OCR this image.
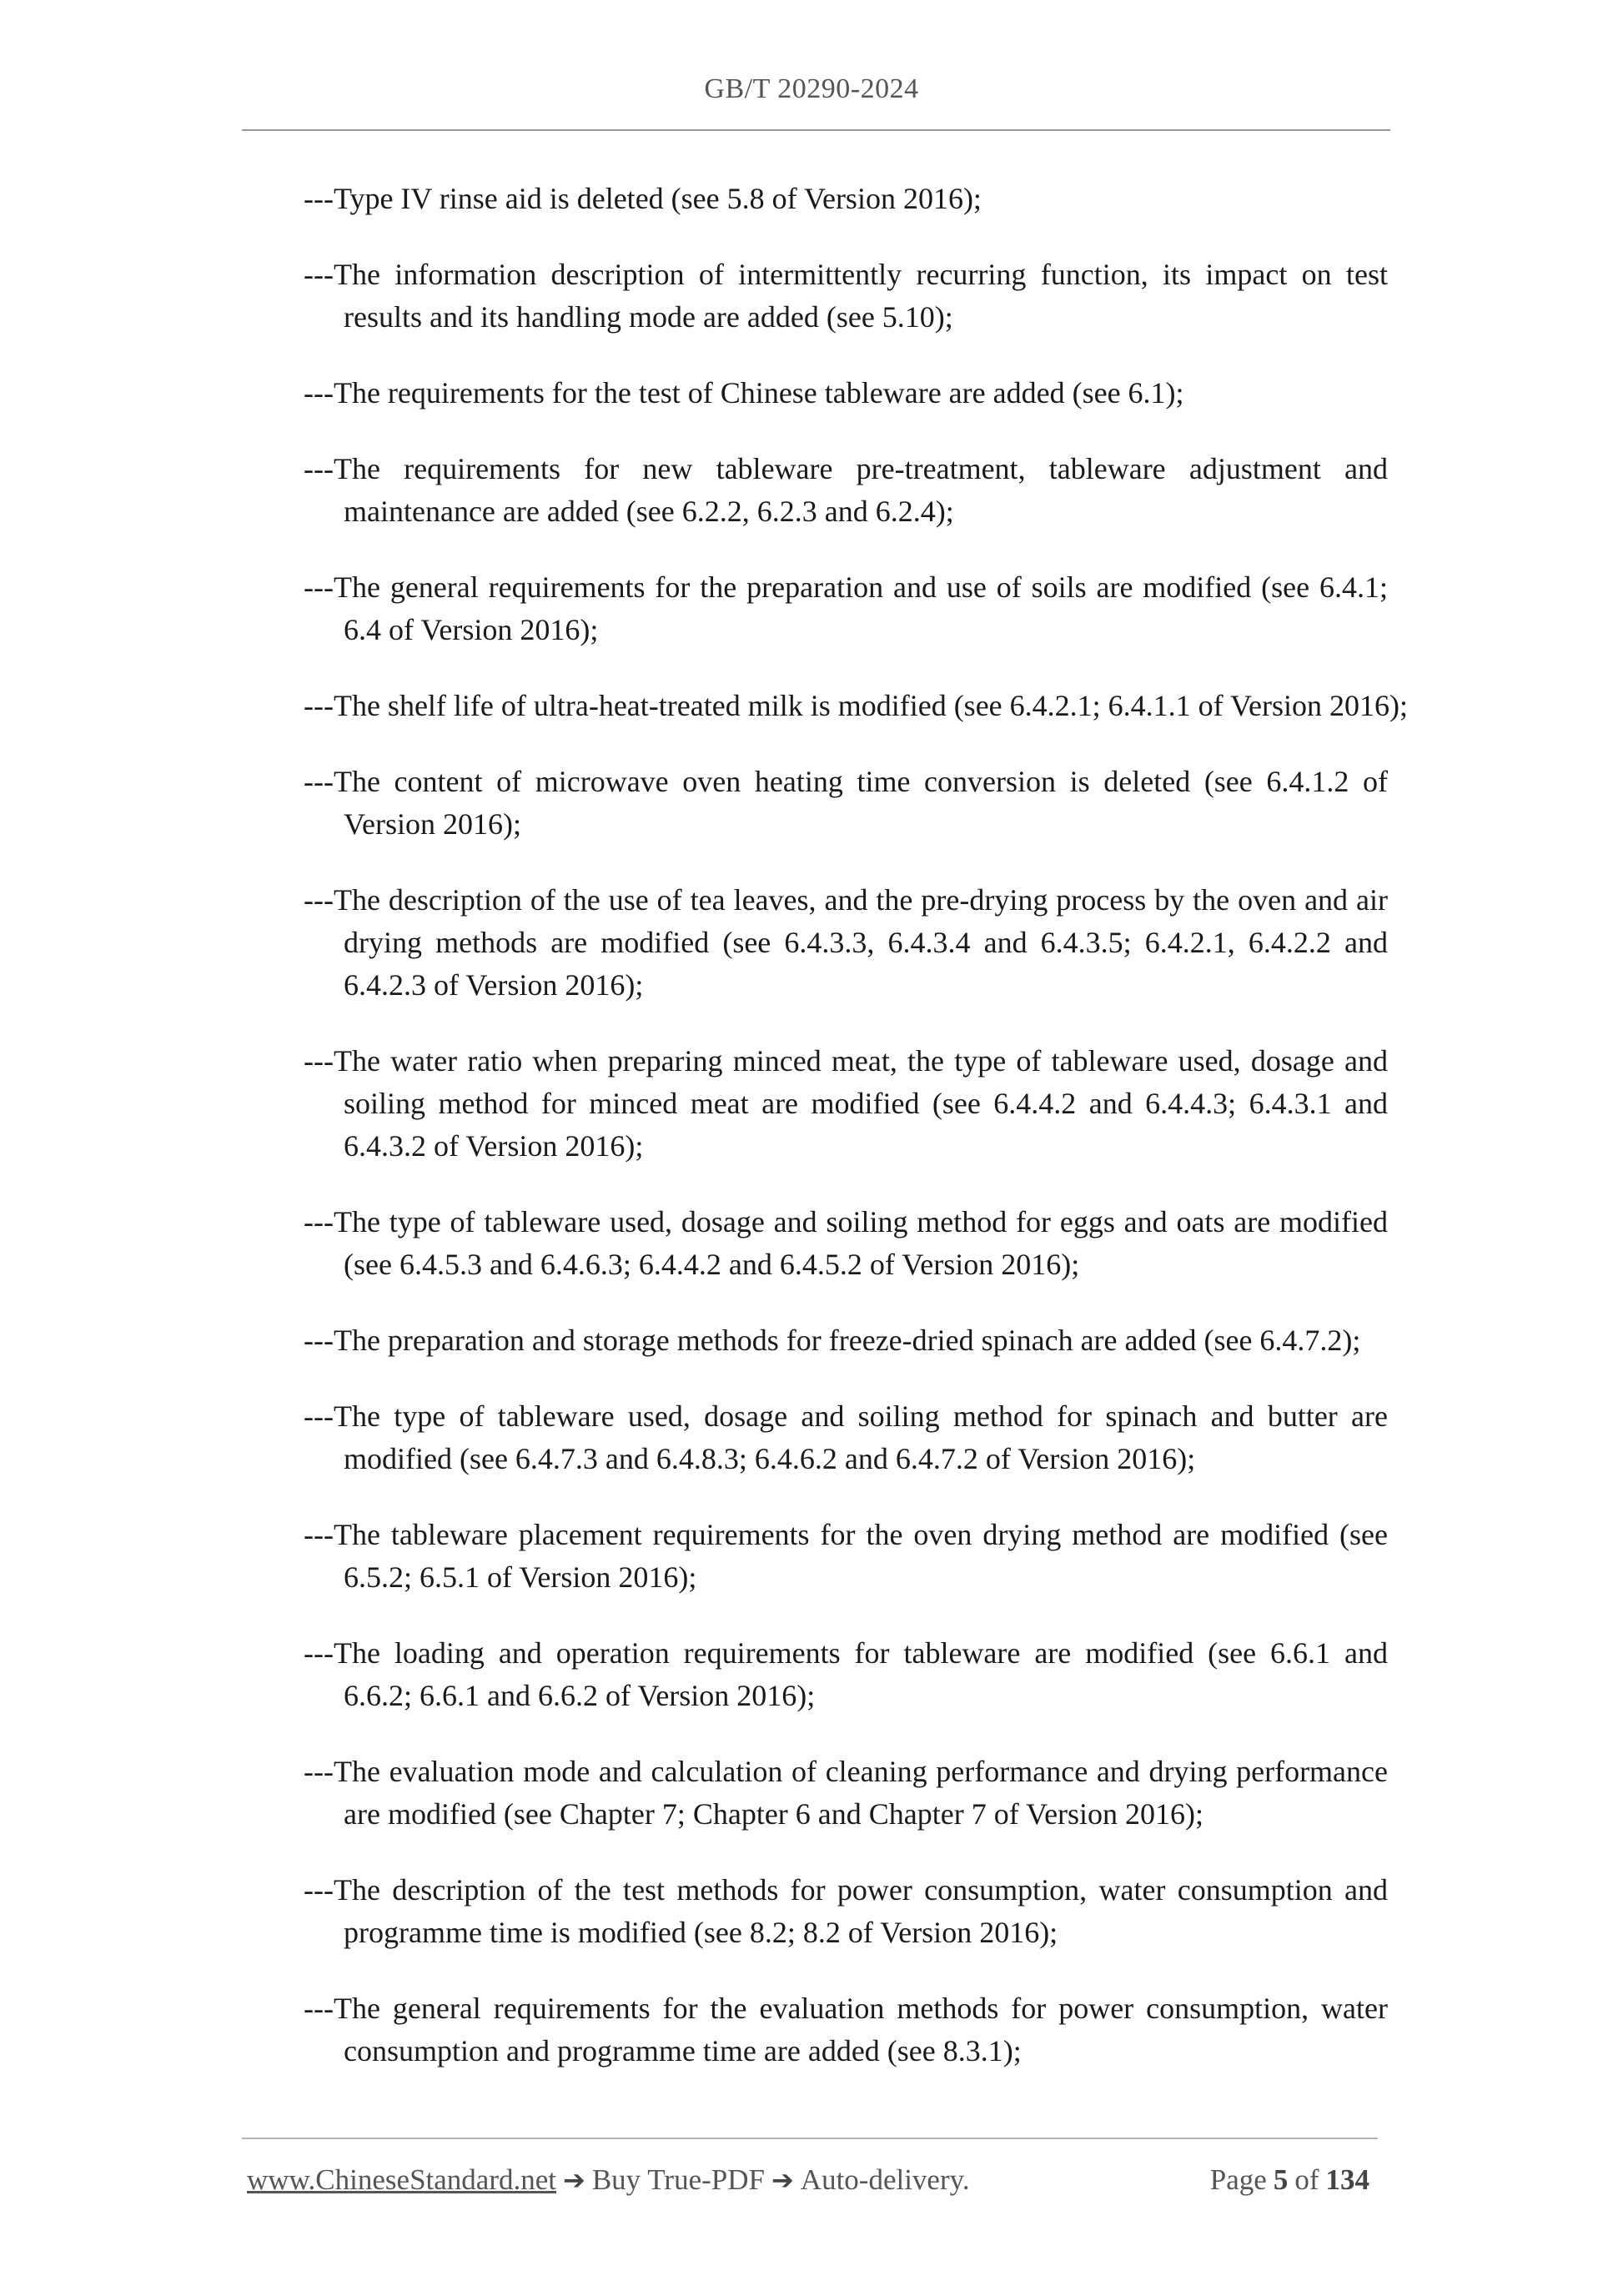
GB/T 20290-2024
---Type IV rinse aid is deleted (see 5.8 of Version 2016);
---The information description of intermittently recurring function, its impact on test results and its handling mode are added (see 5.10);
---The requirements for the test of Chinese tableware are added (see 6.1);
---The requirements for new tableware pre-treatment, tableware adjustment and maintenance are added (see 6.2.2, 6.2.3 and 6.2.4);
---The general requirements for the preparation and use of soils are modified (see 6.4.1; 6.4 of Version 2016);
---The shelf life of ultra-heat-treated milk is modified (see 6.4.2.1; 6.4.1.1 of Version 2016);
---The content of microwave oven heating time conversion is deleted (see 6.4.1.2 of Version 2016);
---The description of the use of tea leaves, and the pre-drying process by the oven and air drying methods are modified (see 6.4.3.3, 6.4.3.4 and 6.4.3.5; 6.4.2.1, 6.4.2.2 and 6.4.2.3 of Version 2016);
---The water ratio when preparing minced meat, the type of tableware used, dosage and soiling method for minced meat are modified (see 6.4.4.2 and 6.4.4.3; 6.4.3.1 and 6.4.3.2 of Version 2016);
---The type of tableware used, dosage and soiling method for eggs and oats are modified (see 6.4.5.3 and 6.4.6.3; 6.4.4.2 and 6.4.5.2 of Version 2016);
---The preparation and storage methods for freeze-dried spinach are added (see 6.4.7.2);
---The type of tableware used, dosage and soiling method for spinach and butter are modified (see 6.4.7.3 and 6.4.8.3; 6.4.6.2 and 6.4.7.2 of Version 2016);
---The tableware placement requirements for the oven drying method are modified (see 6.5.2; 6.5.1 of Version 2016);
---The loading and operation requirements for tableware are modified (see 6.6.1 and 6.6.2; 6.6.1 and 6.6.2 of Version 2016);
---The evaluation mode and calculation of cleaning performance and drying performance are modified (see Chapter 7; Chapter 6 and Chapter 7 of Version 2016);
---The description of the test methods for power consumption, water consumption and programme time is modified (see 8.2; 8.2 of Version 2016);
---The general requirements for the evaluation methods for power consumption, water consumption and programme time are added (see 8.3.1);
www.ChineseStandard.net ➔ Buy True-PDF ➔ Auto-delivery.	Page 5 of 134
